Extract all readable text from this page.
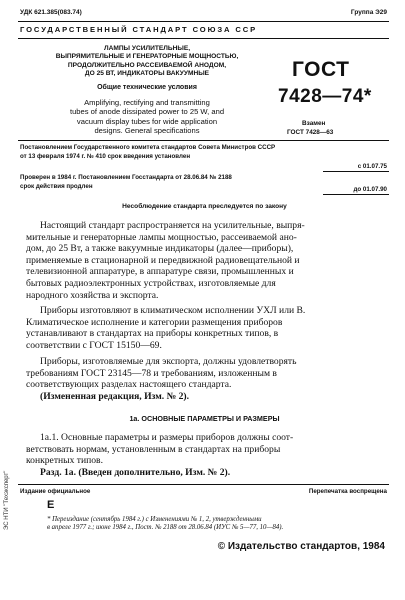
УДК 621.385(083.74)	Группа Э29
ГОСУДАРСТВЕННЫЙ СТАНДАРТ СОЮЗА ССР
ЛАМПЫ УСИЛИТЕЛЬНЫЕ,
ВЫПРЯМИТЕЛЬНЫЕ И ГЕНЕРАТОРНЫЕ МОЩНОСТЬЮ,
ПРОДОЛЖИТЕЛЬНО РАССЕИВАЕМОЙ АНОДОМ,
ДО 25 ВТ, ИНДИКАТОРЫ ВАКУУМНЫЕ
Общие технические условия
Amplifying, rectifying and transmitting
tubes of anode dissipated power to 25 W, and
vacuum display tubes for wide application
designs. General specifications
ГОСТ
7428—74*
Взамен
ГОСТ 7428—63
Постановлением Государственного комитета стандартов Совета Министров СССР
от 13 февраля 1974 г. № 410 срок введения установлен
с 01.07.75
Проверен в 1984 г. Постановлением Госстандарта от 28.06.84 № 2188
срок действия продлен	до 01.07.90
Несоблюдение стандарта преследуется по закону
Настоящий стандарт распространяется на усилительные, выпря-
мительные и генераторные лампы мощностью, рассеиваемой ано-
дом, до 25 Вт, а также вакуумные индикаторы (далее—приборы),
применяемые в стационарной и передвижной радиовещательной и
телевизионной аппаратуре, в аппаратуре связи, промышленных и
бытовых радиоэлектронных устройствах, изготовляемые для
народного хозяйства и экспорта.
Приборы изготовляют в климатическом исполнении УХЛ или В.
Климатическое исполнение и категории размещения приборов
устанавливают в стандартах на приборы конкретных типов, в
соответствии с ГОСТ 15150—69.
Приборы, изготовляемые для экспорта, должны удовлетворять
требованиям ГОСТ 23145—78 и требованиям, изложенным в
соответствующих разделах настоящего стандарта.
(Измененная редакция, Изм. № 2).
1а. ОСНОВНЫЕ ПАРАМЕТРЫ И РАЗМЕРЫ
1а.1. Основные параметры и размеры приборов должны соот-
ветствовать нормам, установленным в стандартах на приборы
конкретных типов.
Разд. 1а. (Введен дополнительно, Изм. № 2).
Издание официальное	Перепечатка воспрещена
Е
* Переиздание (сентябрь 1984 г.) с Изменениями № 1, 2, утвержденными
в апреле 1977 г.; июне 1984 г., Пост. № 2188 от 28.06.84 (ИУС № 5—77, 10—84).
© Издательство стандартов, 1984
ЭС НТИ "Техэксперт"
